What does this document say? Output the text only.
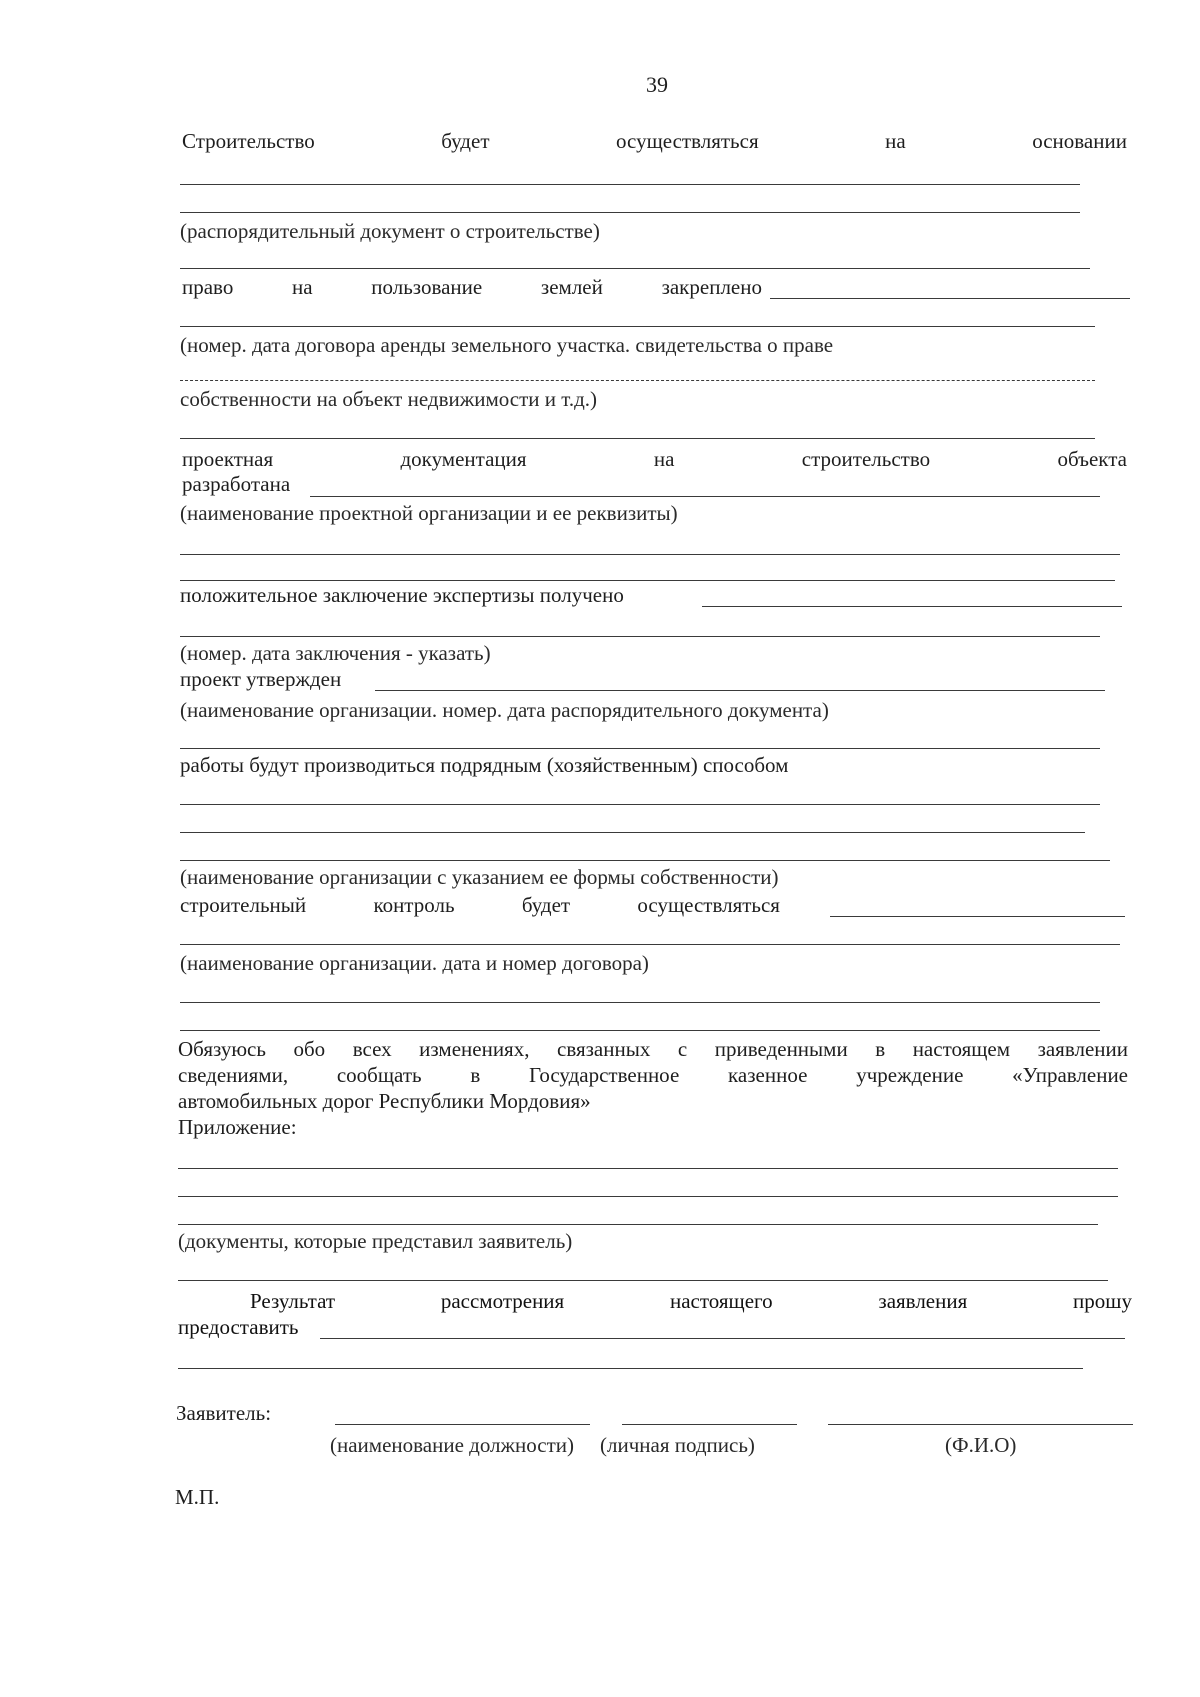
39
Строительство	будет	осуществляться	на	основании
(распорядительный документ о строительстве)
право	на	пользование	землей	закреплено
(номер. дата договора аренды земельного участка. свидетельства о праве
собственности на объект недвижимости и т.д.)
проектная	документация	на	строительство	объекта
разработана
(наименование проектной организации и ее реквизиты)
положительное заключение экспертизы получено
(номер. дата заключения - указать)
проект утвержден
(наименование организации. номер. дата распорядительного документа)
работы будут производиться подрядным (хозяйственным) способом
(наименование организации с указанием ее формы собственности)
строительный	контроль	будет	осуществляться
(наименование организации. дата и номер договора)
Обязуюсь обо всех изменениях, связанных с приведенными в настоящем заявлении
сведениями, сообщать в Государственное казенное учреждение «Управление
автомобильных дорог Республики Мордовия»
Приложение:
(документы, которые представил заявитель)
Результат	рассмотрения	настоящего	заявления	прошу
предоставить
Заявитель:
(наименование должности) (личная подпись)	(Ф.И.О)
М.П.
